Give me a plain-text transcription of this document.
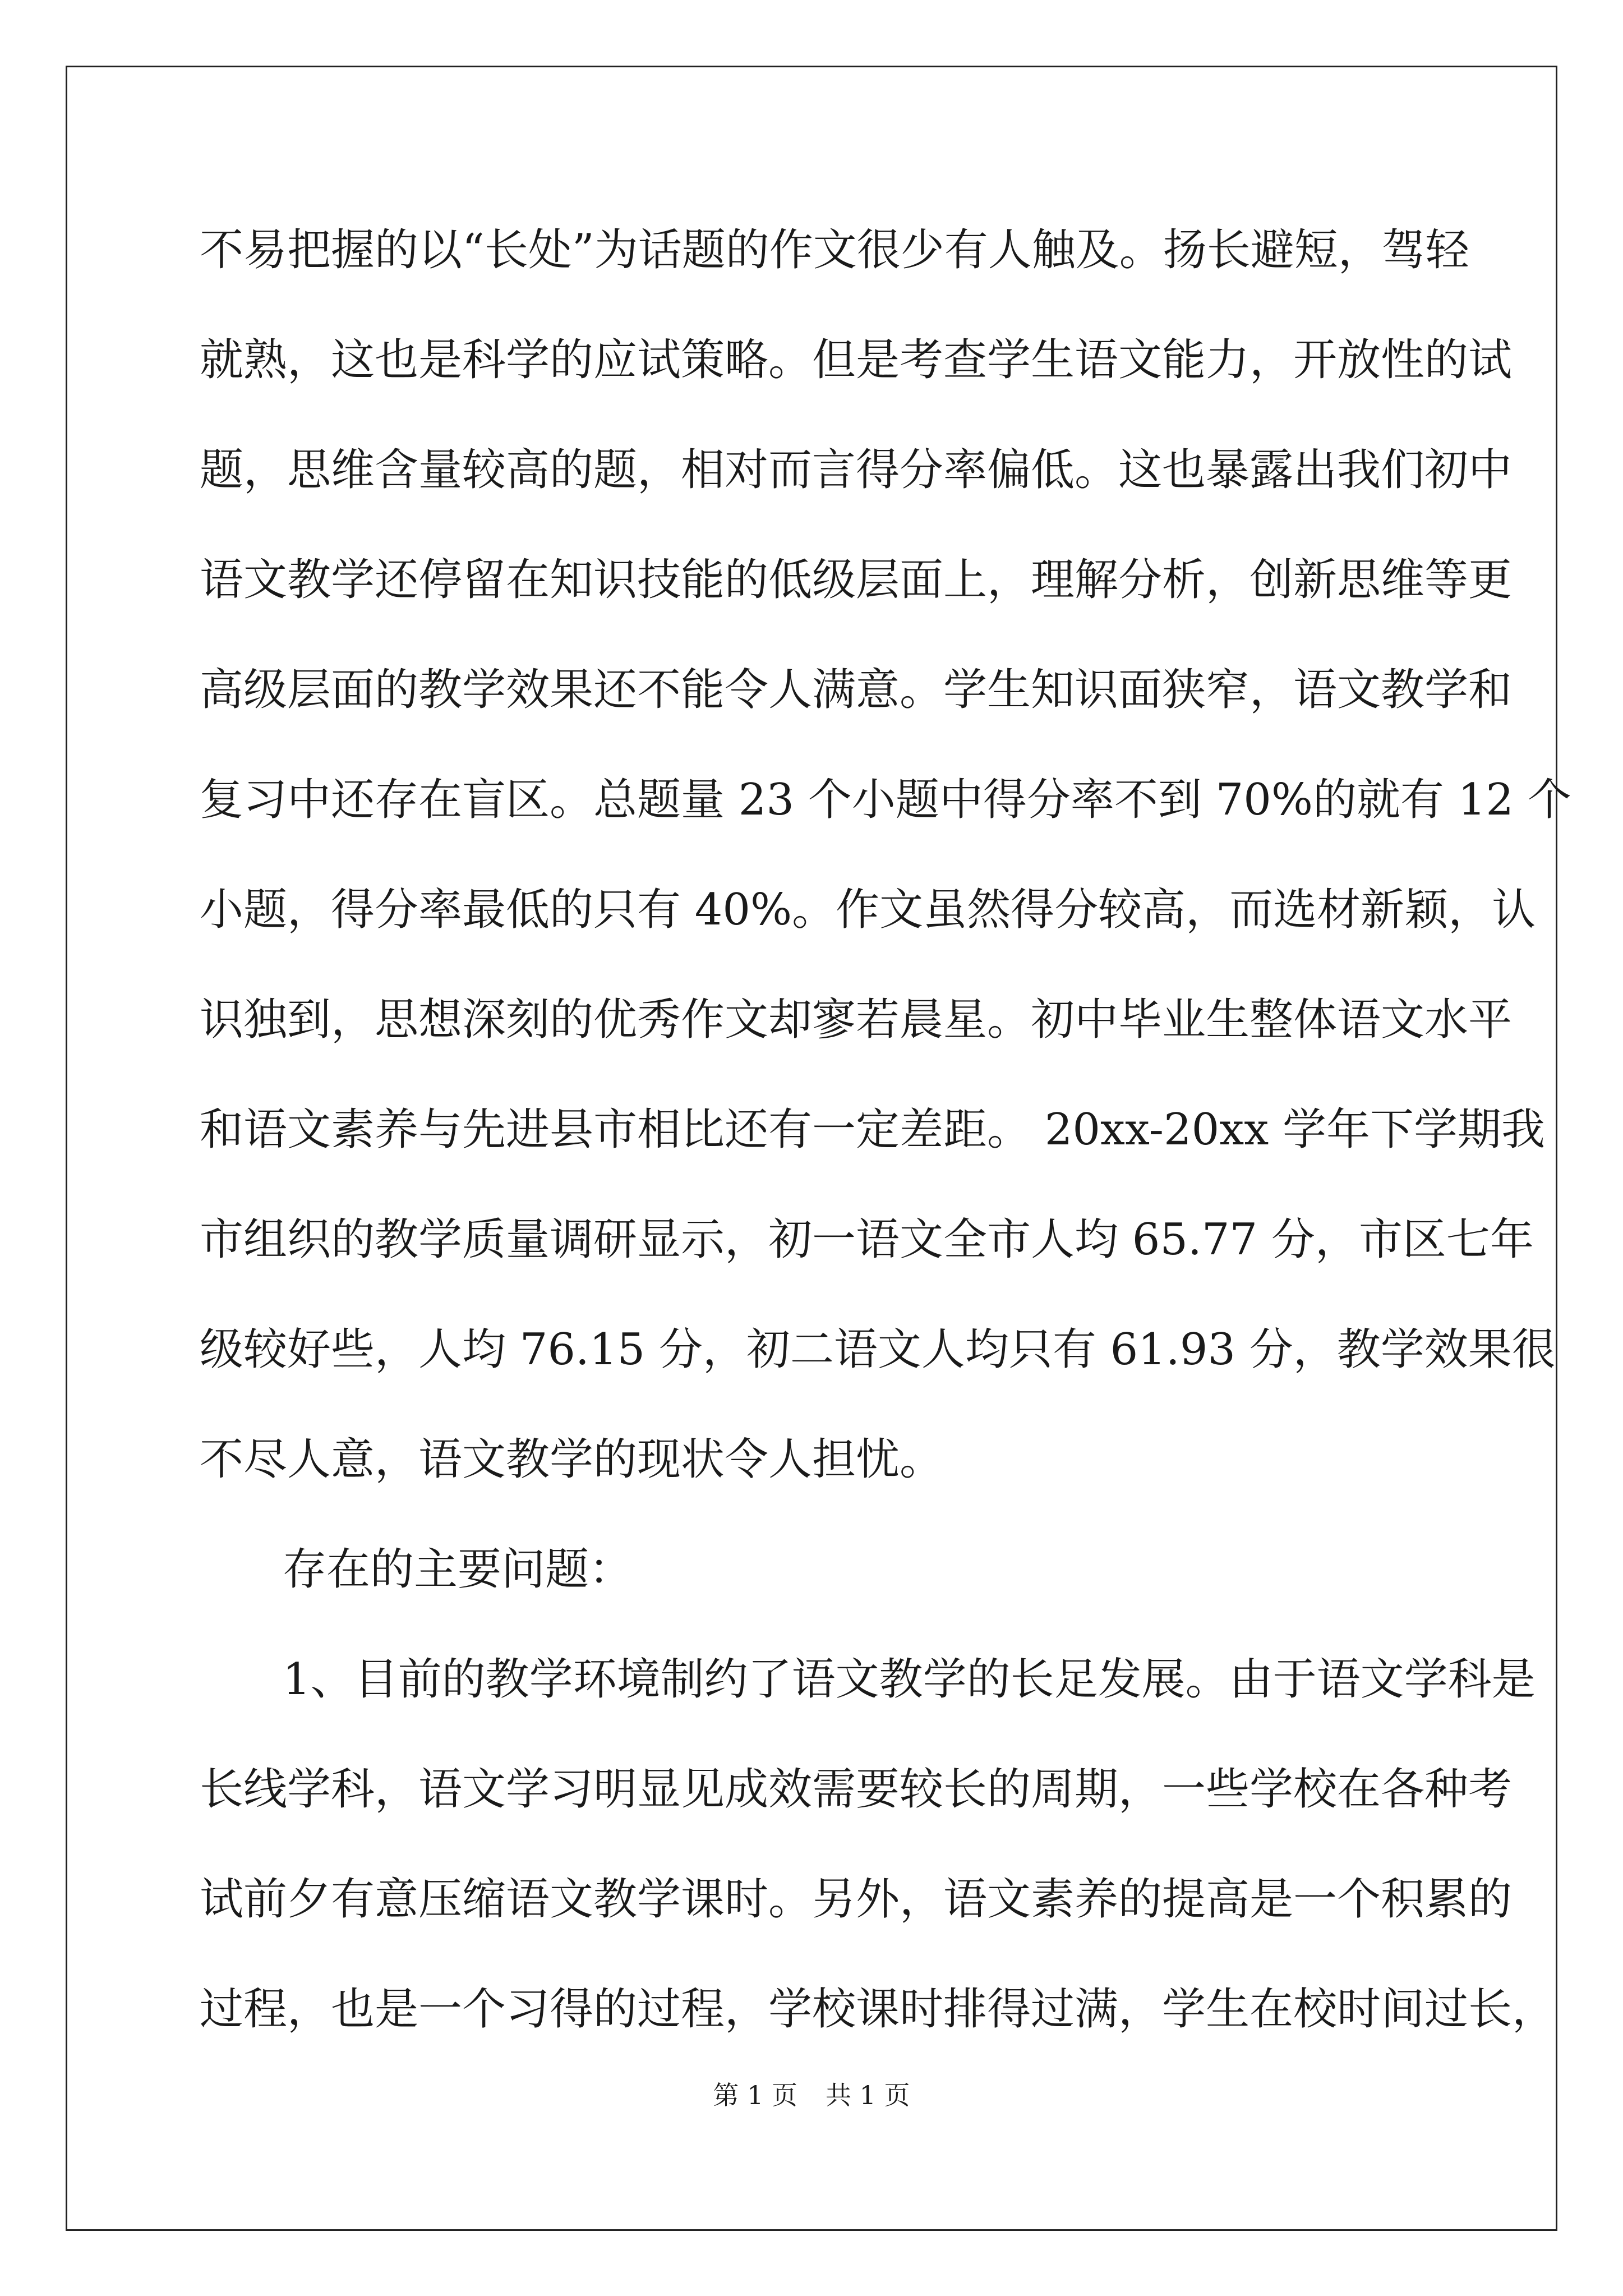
不易把握的以“长处”为话题的作文很少有人触及。扬长避短，驾轻
就熟，这也是科学的应试策略。但是考查学生语文能力，开放性的试
题，思维含量较高的题，相对而言得分率偏低。这也暴露出我们初中
语文教学还停留在知识技能的低级层面上，理解分析，创新思维等更
高级层面的教学效果还不能令人满意。学生知识面狭窄，语文教学和
复习中还存在盲区。总题量 23 个小题中得分率不到 70%的就有 12 个
小题，得分率最低的只有 40%。作文虽然得分较高，而选材新颖，认
识独到，思想深刻的优秀作文却寥若晨星。初中毕业生整体语文水平
和语文素养与先进县市相比还有一定差距。 20xx-20xx 学年下学期我
市组织的教学质量调研显示，初一语文全市人均 65.77 分，市区七年
级较好些，人均 76.15 分，初二语文人均只有 61.93 分，教学效果很
不尽人意，语文教学的现状令人担忧。
存在的主要问题：
1、目前的教学环境制约了语文教学的长足发展。由于语文学科是
长线学科，语文学习明显见成效需要较长的周期，一些学校在各种考
试前夕有意压缩语文教学课时。另外，语文素养的提高是一个积累的
过程，也是一个习得的过程，学校课时排得过满，学生在校时间过长，
第 1 页 共 1 页
